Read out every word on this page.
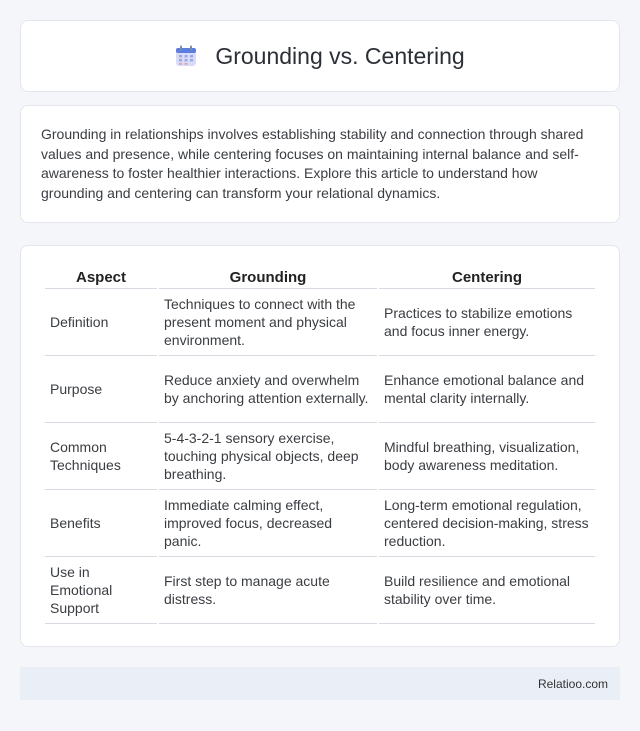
Grounding vs. Centering

Grounding in relationships involves establishing stability and connection through shared values and presence, while centering focuses on maintaining internal balance and self-awareness to foster healthier interactions. Explore this article to understand how grounding and centering can transform your relational dynamics.

Aspect	Grounding	Centering
Definition	Techniques to connect with the present moment and physical environment.	Practices to stabilize emotions and focus inner energy.
Purpose	Reduce anxiety and overwhelm by anchoring attention externally.	Enhance emotional balance and mental clarity internally.
Common Techniques	5-4-3-2-1 sensory exercise, touching physical objects, deep breathing.	Mindful breathing, visualization, body awareness meditation.
Benefits	Immediate calming effect, improved focus, decreased panic.	Long-term emotional regulation, centered decision-making, stress reduction.
Use in Emotional Support	First step to manage acute distress.	Build resilience and emotional stability over time.
Relatioo.com
